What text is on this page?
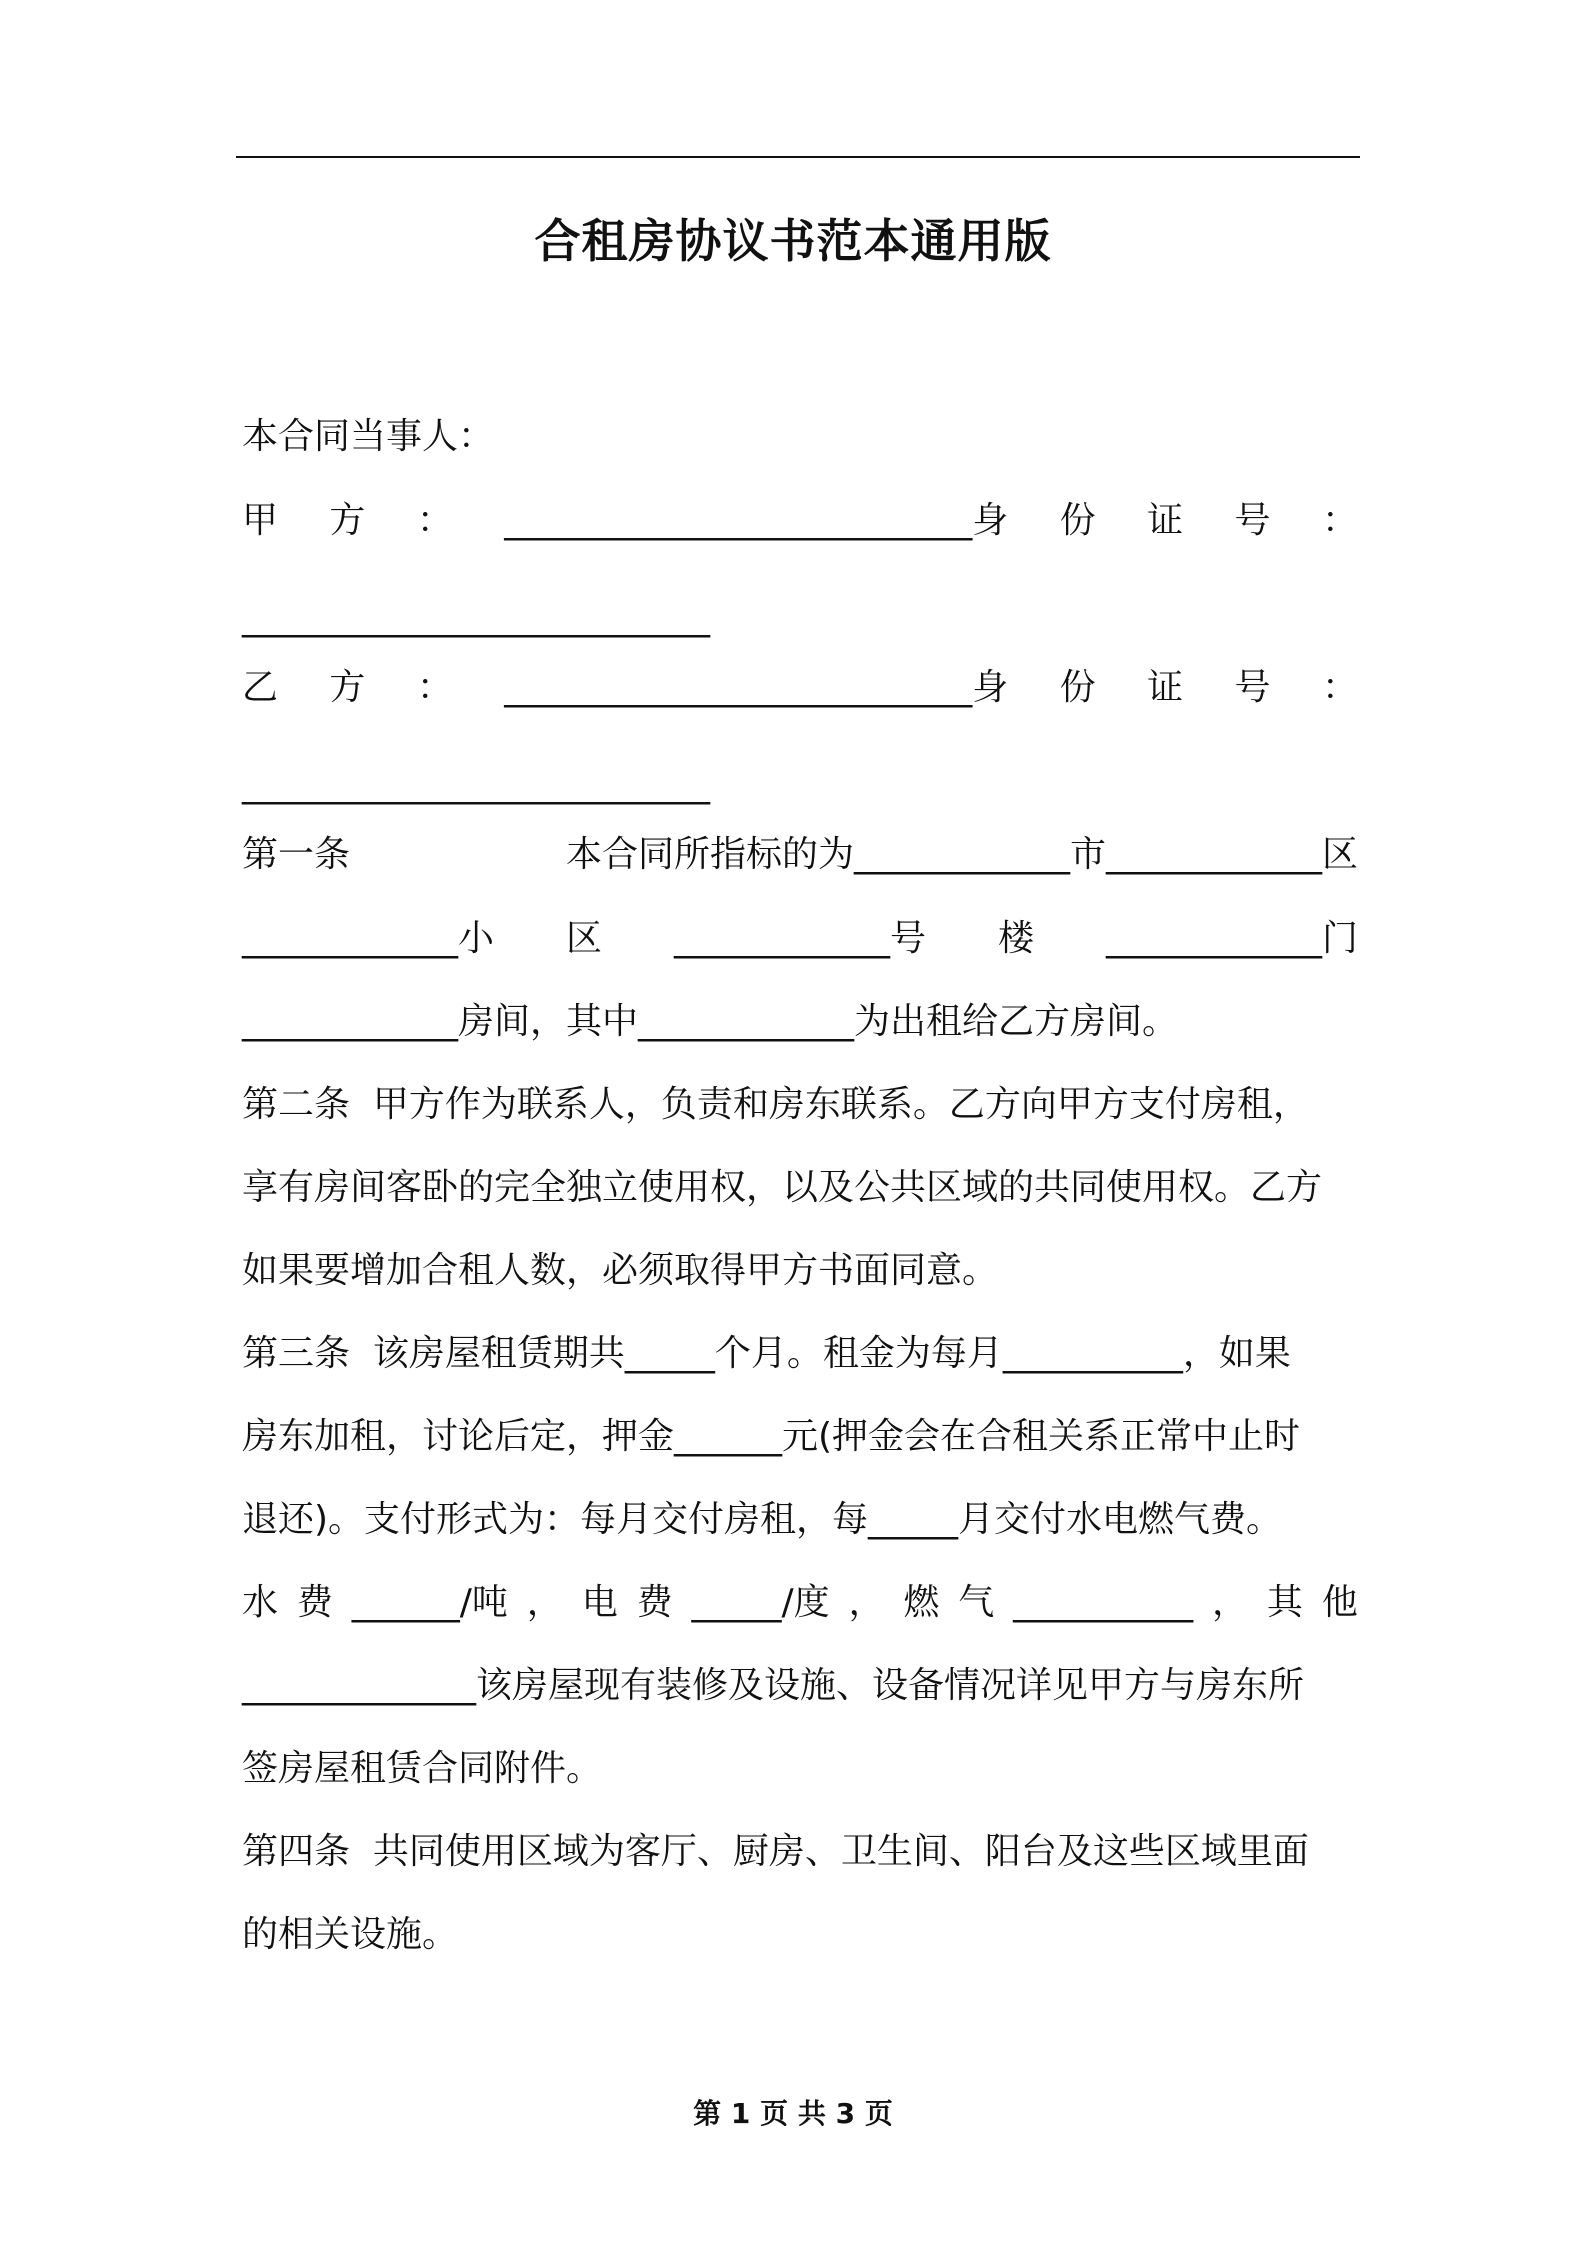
合租房协议书范本通用版
本合同当事人：
甲 方 ： __________________________身 份 证 号 ：
__________________________
乙 方 ： __________________________身 份 证 号 ：
__________________________
第一条	本合同所指标的为____________市____________区
____________小 区 ____________号 楼 ____________门
____________房间，其中____________为出租给乙方房间。
第二条  甲方作为联系人，负责和房东联系。乙方向甲方支付房租，
享有房间客卧的完全独立使用权，以及公共区域的共同使用权。乙方
如果要增加合租人数，必须取得甲方书面同意。
第三条  该房屋租赁期共_____个月。租金为每月__________，如果
房东加租，讨论后定，押金______元(押金会在合租关系正常中止时
退还)。支付形式为：每月交付房租，每_____月交付水电燃气费。
水 费 ______/吨 ， 电 费 _____/度 ， 燃 气 __________ ， 其 他
_____________该房屋现有装修及设施、设备情况详见甲方与房东所
签房屋租赁合同附件。
第四条  共同使用区域为客厅、厨房、卫生间、阳台及这些区域里面
的相关设施。
第 1 页 共 3 页
